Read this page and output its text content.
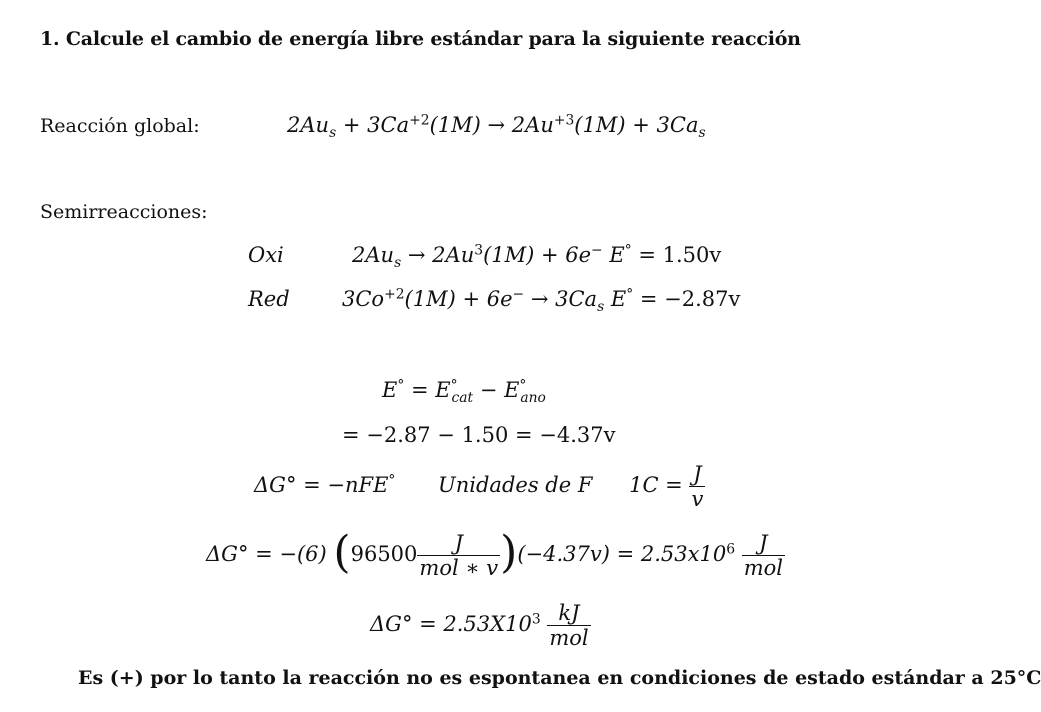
1. Calcule el cambio de energía libre estándar para la siguiente reacción
Reacción global:	$2Au_s + 3Ca^{+2}(1M) \to 2Au^{+3}(1M) + 3Ca_s$
Semirreacciones:
Oxi	$2Au_s \to 2Au^3(1M) + 6e^-$ E° = 1.50v
Red $3Co^{+2}(1M) + 6e^- \to 3Ca_s$ E° = −2.87v
$E^\circ = E^\circ_{cat} - E^\circ_{ano}$
= −2.87 − 1.50 = −4.37v
ΔG° = −nFE° Unidades de F $1C = \frac{J}{v}$
ΔG° = −(6) $(96500 \frac{J}{\text{mol ∗ v}} )(-4.37v) = 2.53x10^6 \frac{J}{\text{mol}}$
$\Delta G^\circ = 2.53X10^3 \frac{kJ}{\text{mol}}$
Es (+) por lo tanto la reacción no es espontanea en condiciones de estado estándar a 25°C
